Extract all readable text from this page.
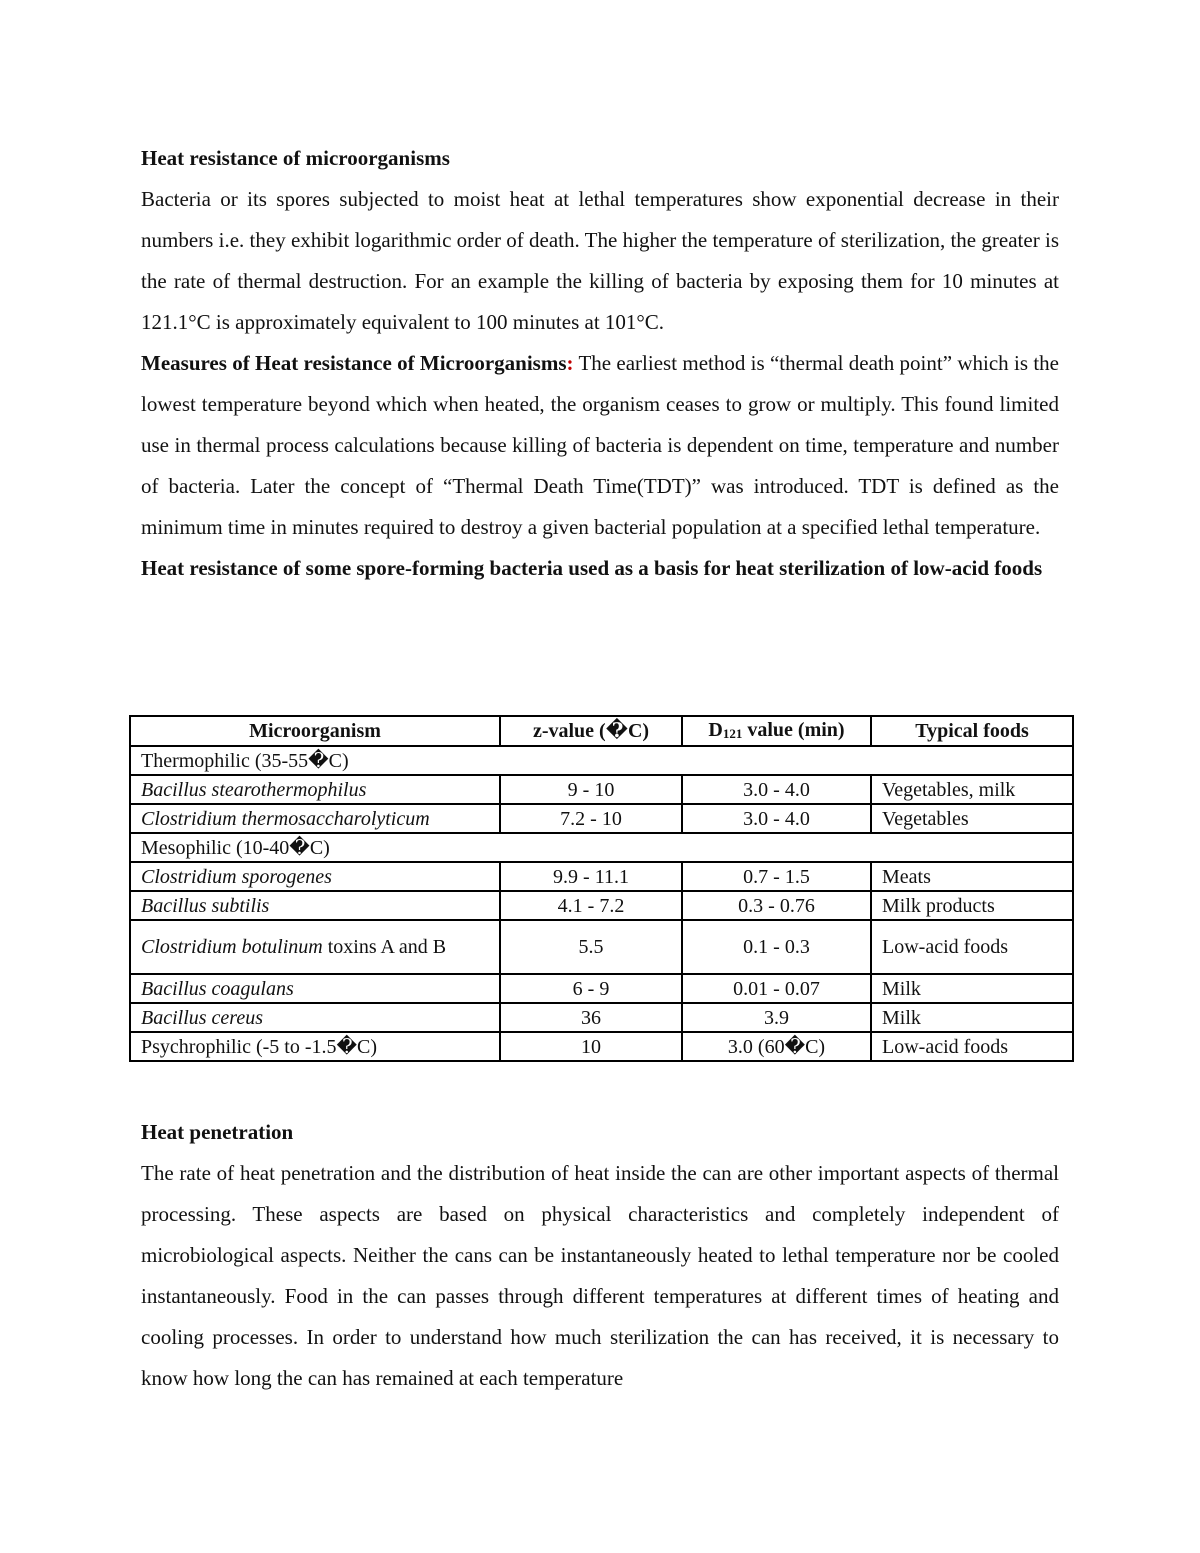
Heat resistance of microorganisms

Bacteria or its spores subjected to moist heat at lethal temperatures show exponential decrease in their numbers i.e. they exhibit logarithmic order of death. The higher the temperature of sterilization, the greater is the rate of thermal destruction. For an example the killing of bacteria by exposing them for 10 minutes at 121.1°C is approximately equivalent to 100 minutes at 101°C.

Measures of Heat resistance of Microorganisms: The earliest method is “thermal death point” which is the lowest temperature beyond which when heated, the organism ceases to grow or multiply. This found limited use in thermal process calculations because killing of bacteria is dependent on time, temperature and number of bacteria. Later the concept of “Thermal Death Time(TDT)” was introduced. TDT is defined as the minimum time in minutes required to destroy a given bacterial population at a specified lethal temperature.

Heat resistance of some spore-forming bacteria used as a basis for heat sterilization of low-acid foods

Microorganism	z-value (�C)	D121 value (min)	Typical foods
Thermophilic (35-55�C)			
Bacillus stearothermophilus	9 - 10	3.0 - 4.0	Vegetables, milk
Clostridium thermosaccharolyticum	7.2 - 10	3.0 - 4.0	Vegetables
Mesophilic (10-40�C)			
Clostridium sporogenes	9.9 - 11.1	0.7 - 1.5	Meats
Bacillus subtilis	4.1 - 7.2	0.3 - 0.76	Milk products
Clostridium botulinum toxins A and B	5.5	0.1 - 0.3	Low-acid foods
Bacillus coagulans	6 - 9	0.01 - 0.07	Milk
Bacillus cereus	36	3.9	Milk
Psychrophilic (-5 to -1.5�C)	10	3.0 (60�C)	Low-acid foods

Heat penetration

The rate of heat penetration and the distribution of heat inside the can are other important aspects of thermal processing. These aspects are based on physical characteristics and completely independent of microbiological aspects. Neither the cans can be instantaneously heated to lethal temperature nor be cooled instantaneously. Food in the can passes through different temperatures at different times of heating and cooling processes. In order to understand how much sterilization the can has received, it is necessary to know how long the can has remained at each temperature
